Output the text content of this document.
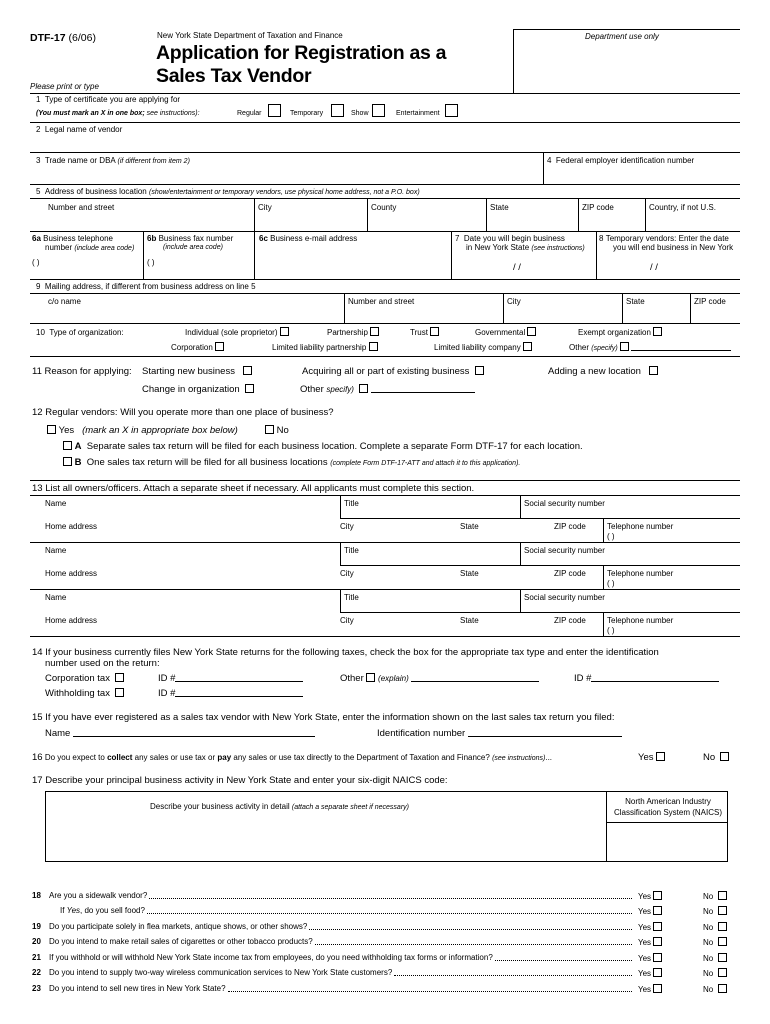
DTF-17 (6/06)	New York State Department of Taxation and Finance
Application for Registration as a
Sales Tax Vendor
Please print or type
Department use only
1 Type of certificate you are applying for
(You must mark an X in one box; see instructions):	Regular	Temporary	Show	Entertainment
2 Legal name of vendor
3 Trade name or DBA (if different from item 2)	4 Federal employer identification number
5 Address of business location (show/entertainment or temporary vendors, use physical home address, not a P.O. box)
Number and street	City	County	State	ZIP code	Country, if not U.S.
6a Business telephone
number (include area code)
( )
6b Business fax number
(include area code)
( )
6c Business e-mail address	7 Date you will begin business
in New York State (see instructions)
/ /
8 Temporary vendors: Enter the date
you will end business in New York
/ /
9 Mailing address, if different from business address on line 5
c/o name	Number and street	City	State	ZIP code
10 Type of organization:	Individual (sole proprietor)	Partnership	Trust	Governmental	Exempt organization
Corporation	Limited liability partnership	Limited liability company	Other (specify)
11 Reason for applying: Starting new business	Acquiring all or part of existing business	Adding a new location
Change in organization	Other specify)
12 Regular vendors: Will you operate more than one place of business?
Yes (mark an X in appropriate box below)	No
A Separate sales tax return will be filed for each business location. Complete a separate Form DTF-17 for each location.
B One sales tax return will be filed for all business locations (complete Form DTF-17-ATT and attach it to this application).
13 List all owners/officers. Attach a separate sheet if necessary. All applicants must complete this section.
Name	Title	Social security number
Home address	City	State	ZIP code	Telephone number
( )
Name	Title	Social security number
Home address	City	State	ZIP code	Telephone number
( )
Name	Title	Social security number
Home address	City	State	ZIP code	Telephone number
( )
14 If your business currently files New York State returns for the following taxes, check the box for the appropriate tax type and enter the identification
number used on the return:
Corporation tax	ID #
Withholding tax	ID #
Other (explain)	ID #
15 If you have ever registered as a sales tax vendor with New York State, enter the information shown on the last sales tax return you filed:
Name	Identification number
16 Do you expect to collect any sales or use tax or pay any sales or use tax directly to the Department of Taxation and Finance? (see instructions)...	Yes	No
17 Describe your principal business activity in New York State and enter your six-digit NAICS code:
Describe your business activity in detail (attach a separate sheet if necessary)
North American Industry
Classification System (NAICS)
18 Are you a sidewalk vendor?	Yes	No
If Yes, do you sell food?	Yes	No
19 Do you participate solely in flea markets, antique shows, or other shows?	Yes	No
20 Do you intend to make retail sales of cigarettes or other tobacco products?	Yes	No
21 If you withhold or will withhold New York State income tax from employees, do you need withholding tax forms or information?	Yes	No
22 Do you intend to supply two-way wireless communication services to New York State customers?	Yes	No
23 Do you intend to sell new tires in New York State?	Yes	No
